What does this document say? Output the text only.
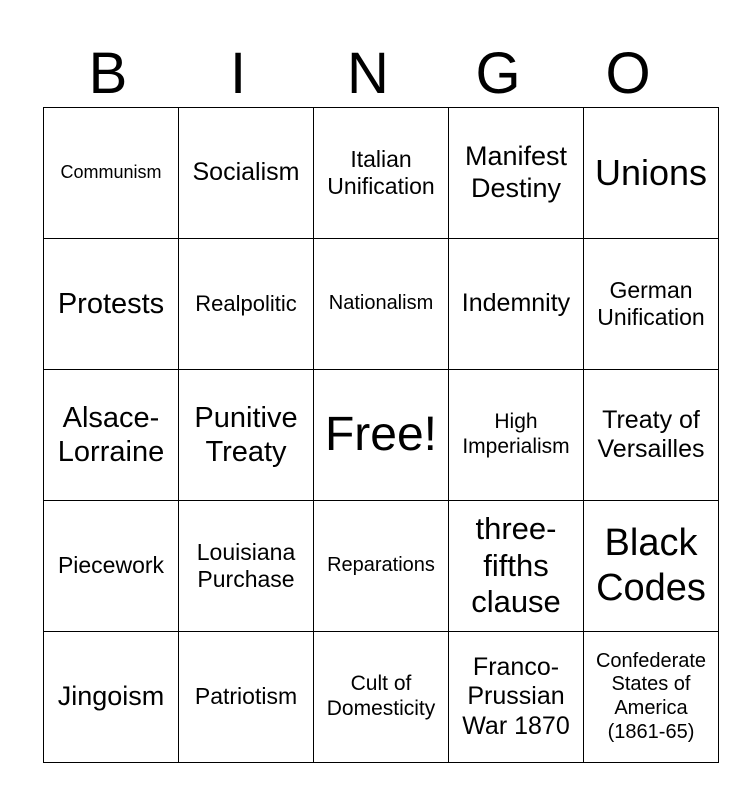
B	I	N	G	O
Communism	Socialism	Italian Unification	Manifest Destiny	Unions
Protests	Realpolitic	Nationalism	Indemnity	German Unification
Alsace-Lorraine	Punitive Treaty	Free!	High Imperialism	Treaty of Versailles
Piecework	Louisiana Purchase	Reparations	three-fifths clause	Black Codes
Jingoism	Patriotism	Cult of Domesticity	Franco-Prussian War 1870	Confederate States of America (1861-65)
